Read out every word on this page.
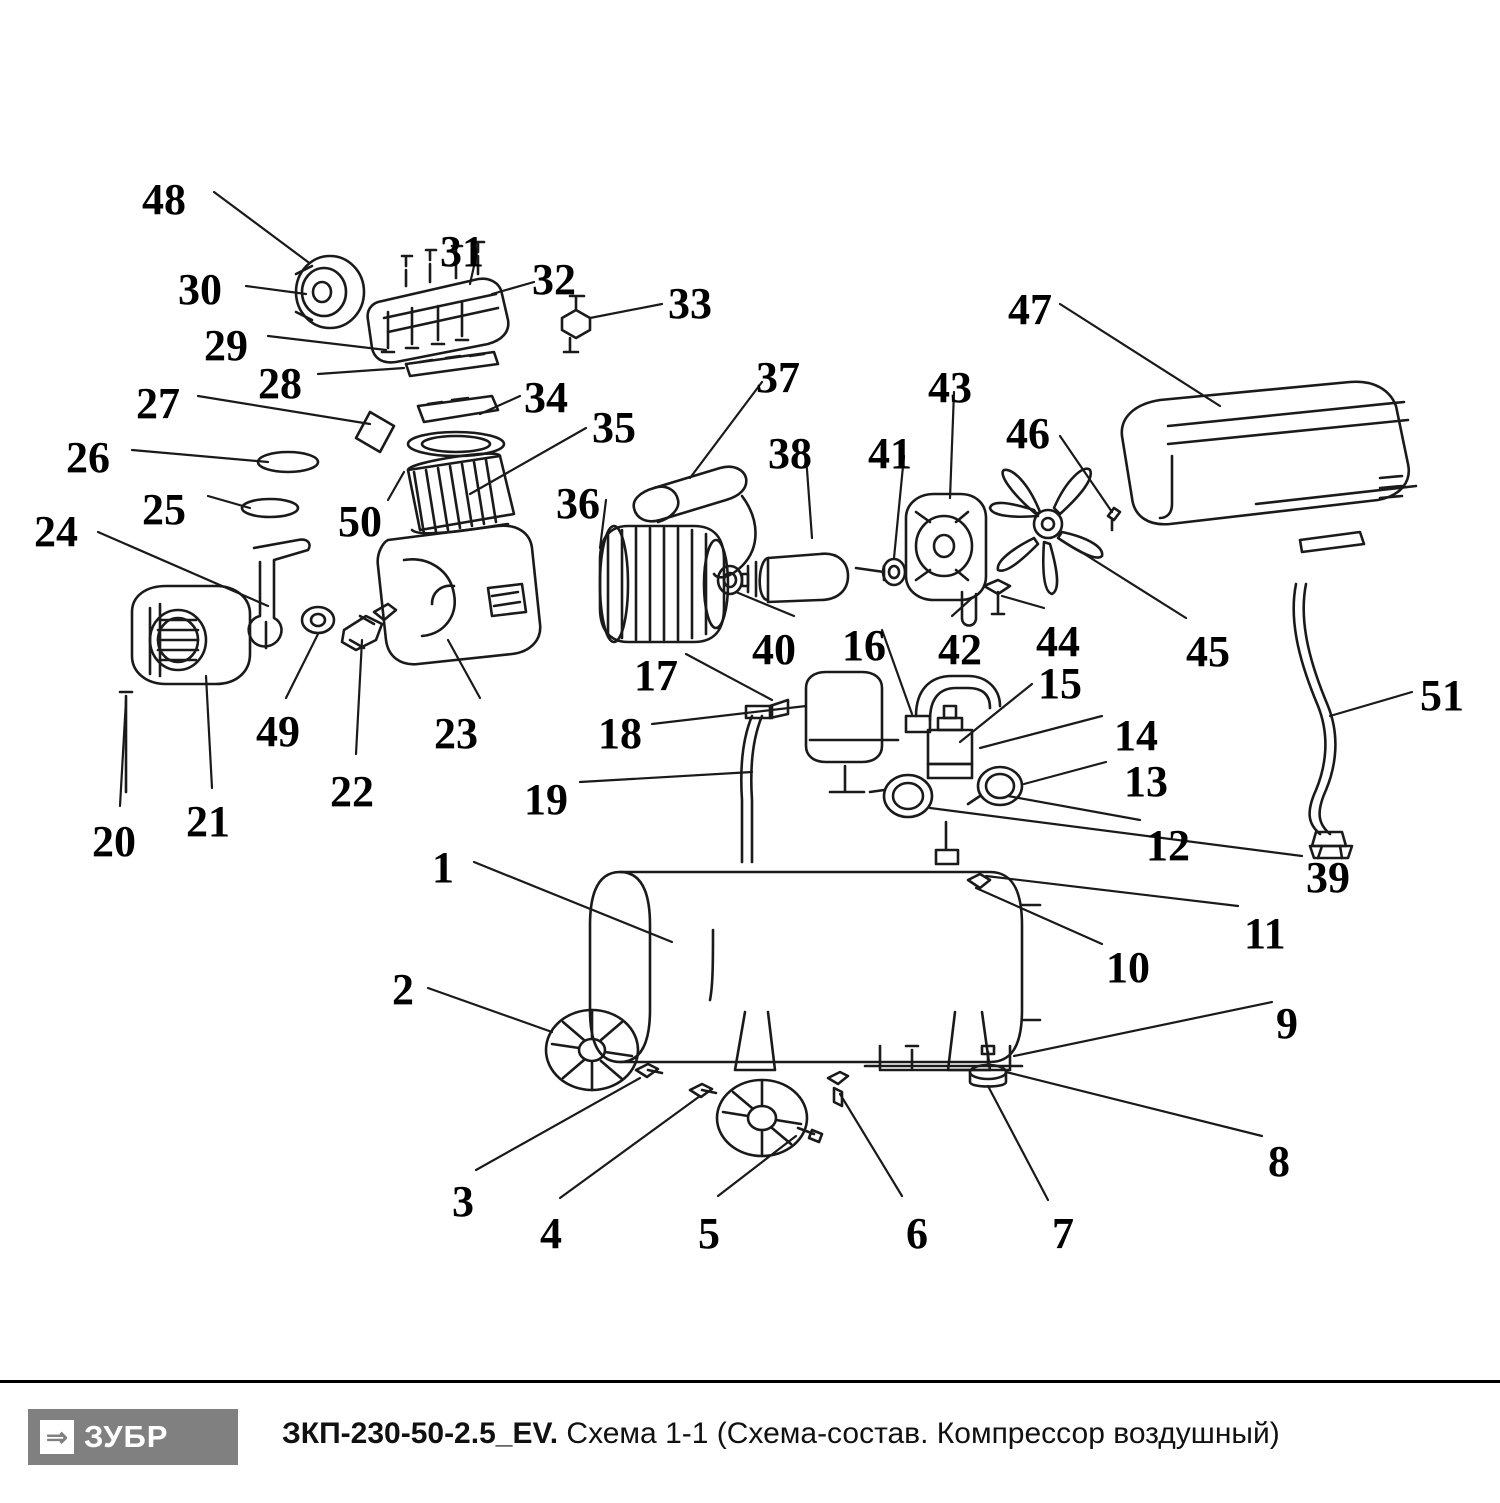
48
30
31
32 33
29
28
27	34
35
26
25	50
24
36
37
38 41
43
46
47
40 16 42 44 45
51
17
18
19
15
14
13
12
39
11
10
9
8
7
6
5
4
3
2
1
23
22
49
21
20
⇒ ЗУБР	ЗКП-230-50-2.5_EV. Схема 1-1 (Схема-состав. Компрессор воздушный)
